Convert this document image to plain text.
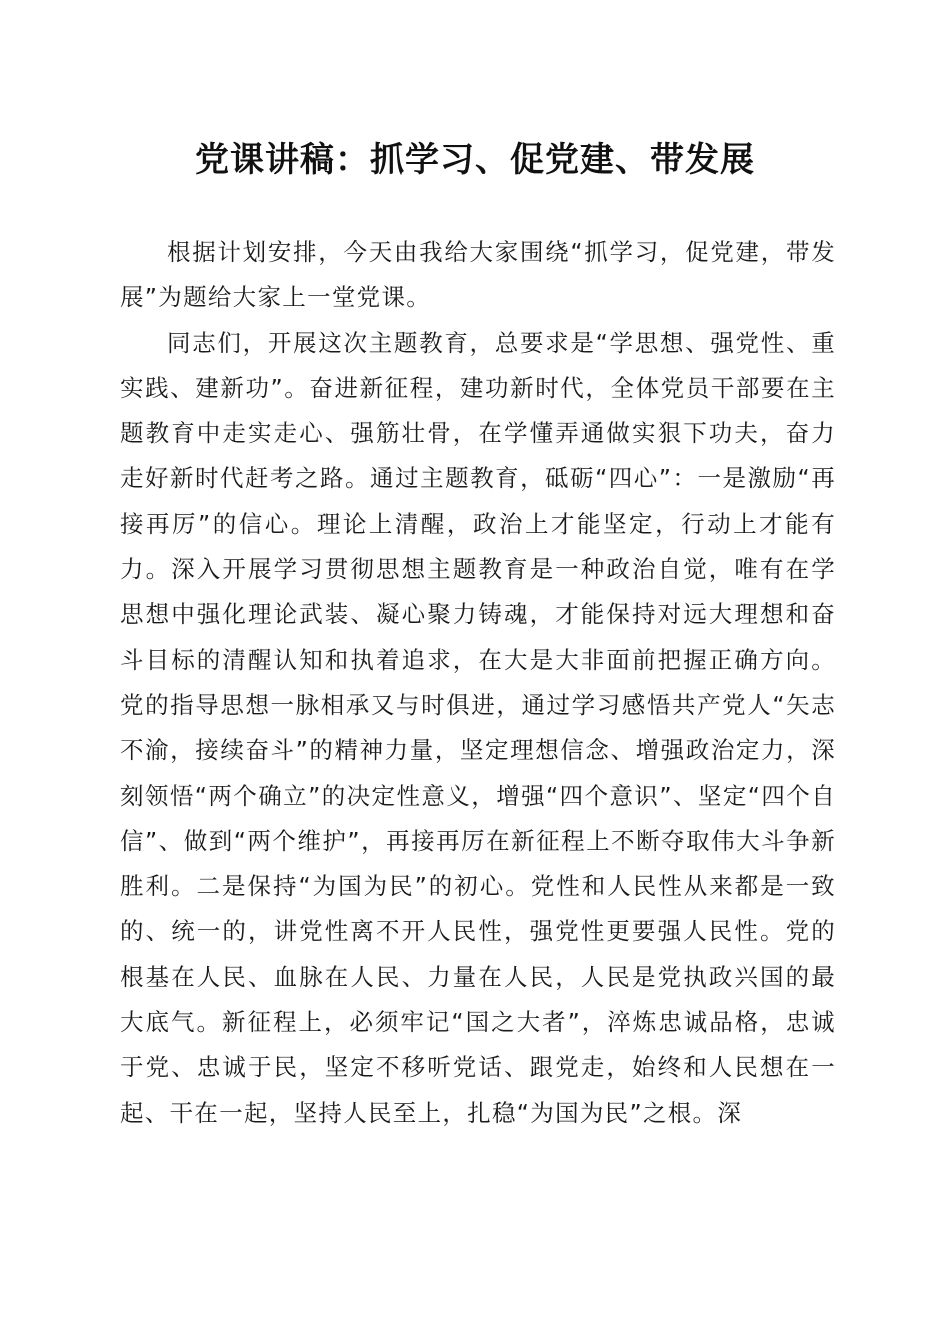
党课讲稿：抓学习、促党建、带发展

根据计划安排，今天由我给大家围绕“抓学习，促党建，带发展”为题给大家上一堂党课。

同志们，开展这次主题教育，总要求是“学思想、强党性、重实践、建新功”。奋进新征程，建功新时代，全体党员干部要在主题教育中走实走心、强筋壮骨，在学懂弄通做实狠下功夫，奋力走好新时代赶考之路。通过主题教育，砥砺“四心”：一是激励“再接再厉”的信心。理论上清醒，政治上才能坚定，行动上才能有力。深入开展学习贯彻思想主题教育是一种政治自觉，唯有在学思想中强化理论武装、凝心聚力铸魂，才能保持对远大理想和奋斗目标的清醒认知和执着追求，在大是大非面前把握正确方向。党的指导思想一脉相承又与时俱进，通过学习感悟共产党人“矢志不渝，接续奋斗”的精神力量，坚定理想信念、增强政治定力，深刻领悟“两个确立”的决定性意义，增强“四个意识”、坚定“四个自信”、做到“两个维护”，再接再厉在新征程上不断夺取伟大斗争新胜利。二是保持“为国为民”的初心。党性和人民性从来都是一致的、统一的，讲党性离不开人民性，强党性更要强人民性。党的根基在人民、血脉在人民、力量在人民，人民是党执政兴国的最大底气。新征程上，必须牢记“国之大者”，淬炼忠诚品格，忠诚于党、忠诚于民，坚定不移听党话、跟党走，始终和人民想在一起、干在一起，坚持人民至上，扎稳“为国为民”之根。深
